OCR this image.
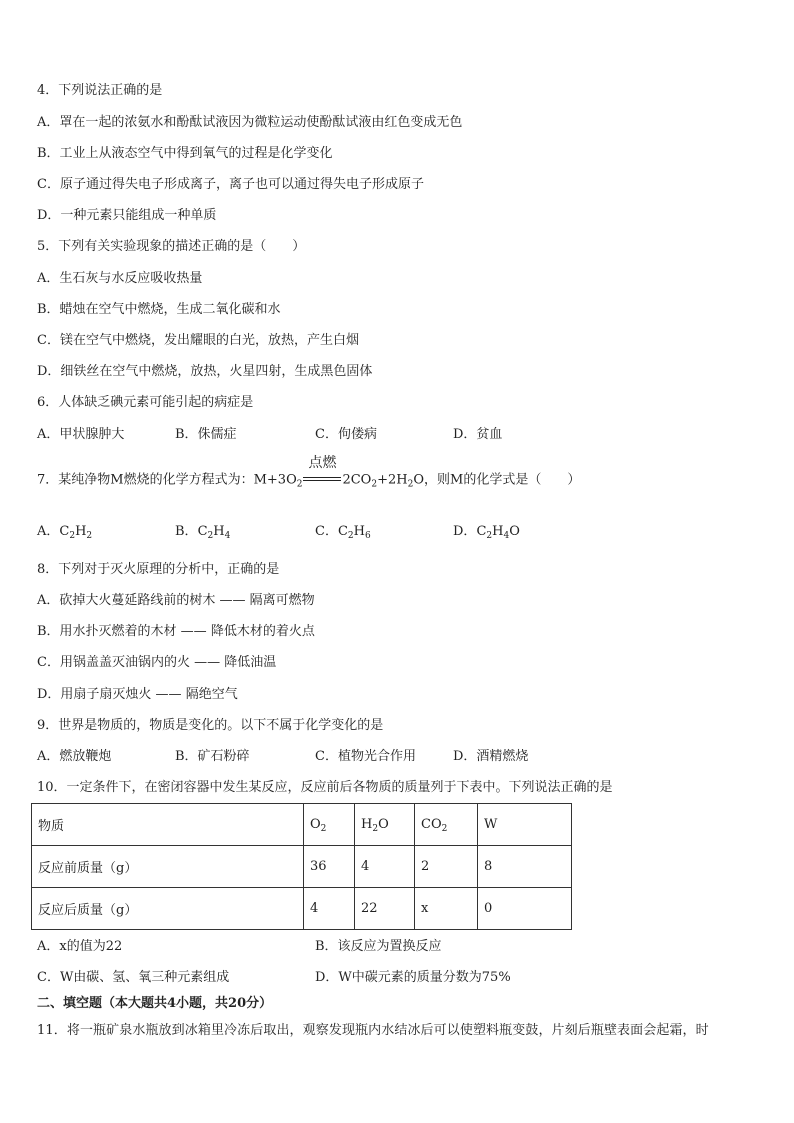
4．下列说法正确的是
A．罩在一起的浓氨水和酚酞试液因为微粒运动使酚酞试液由红色变成无色
B．工业上从液态空气中得到氧气的过程是化学变化
C．原子通过得失电子形成离子，离子也可以通过得失电子形成原子
D．一种元素只能组成一种单质
5．下列有关实验现象的描述正确的是（　　）
A．生石灰与水反应吸收热量
B．蜡烛在空气中燃烧，生成二氧化碳和水
C．镁在空气中燃烧，发出耀眼的白光，放热，产生白烟
D．细铁丝在空气中燃烧，放热，火星四射，生成黑色固体
6．人体缺乏碘元素可能引起的病症是
A．甲状腺肿大	B．侏儒症	C．佝偻病	D．贫血
7．某纯净物M燃烧的化学方程式为：$M+3O_2$
点燃
$2CO_2+2H_2O$，则M的化学式是（　　）
A．$C_2H_2$	B．$C_2H_4$	C．$C_2H_6$	D．$C_2H_4O$
8．下列对于灭火原理的分析中，正确的是
A．砍掉大火蔓延路线前的树木 —— 隔离可燃物
B．用水扑灭燃着的木材 —— 降低木材的着火点
C．用锅盖盖灭油锅内的火 —— 降低油温
D．用扇子扇灭烛火 —— 隔绝空气
9．世界是物质的，物质是变化的。以下不属于化学变化的是
A．燃放鞭炮	B．矿石粉碎	C．植物光合作用	D．酒精燃烧
10．一定条件下，在密闭容器中发生某反应，反应前后各物质的质量列于下表中。下列说法正确的是
物质	$O_2$	$H_2O$	$CO_2$	W
反应前质量（g）	36	4	2	8
反应后质量（g）	4	22	x	0
A．x的值为22	B．该反应为置换反应
C．W由碳、氢、氧三种元素组成	D．W中碳元素的质量分数为75%
二、填空题（本大题共4小题，共20分）
11．将一瓶矿泉水瓶放到冰箱里冷冻后取出，观察发现瓶内水结冰后可以使塑料瓶变鼓，片刻后瓶壁表面会起霜，时
